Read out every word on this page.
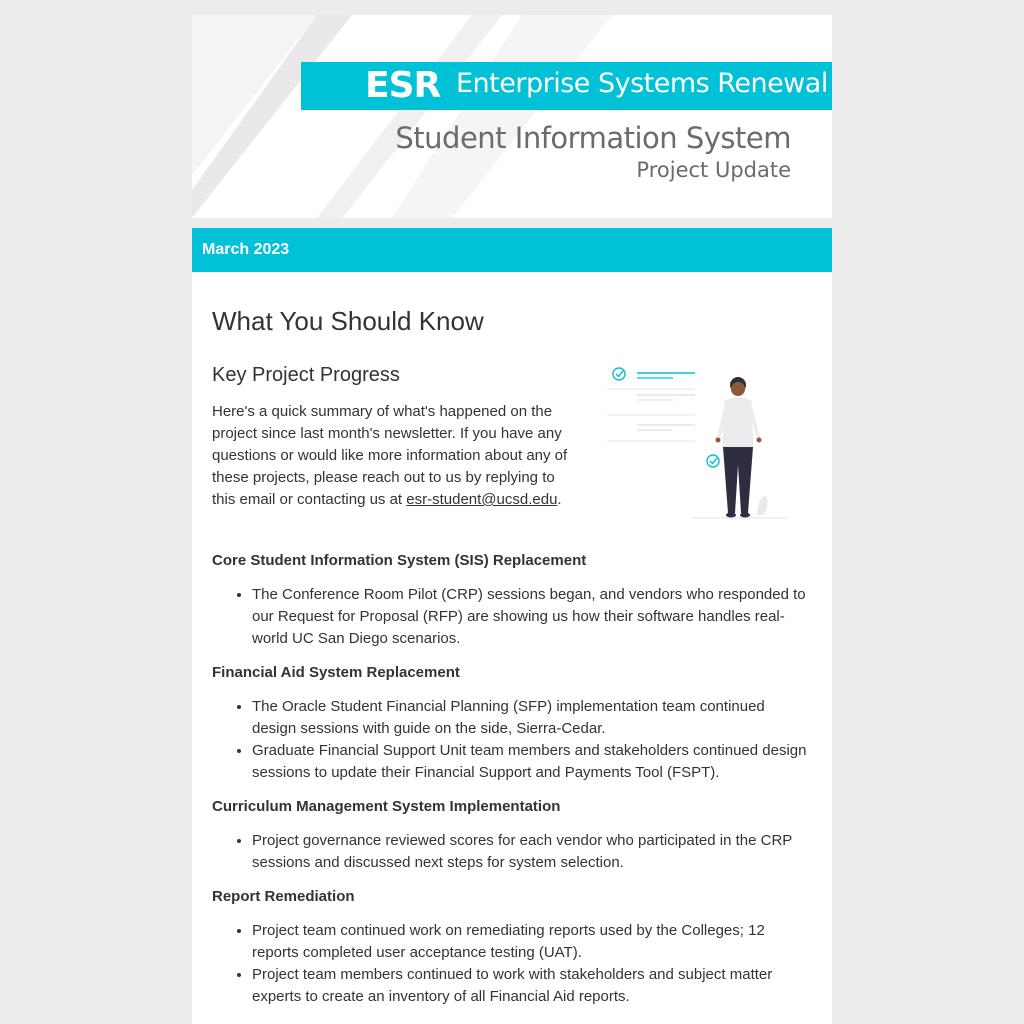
ESR Enterprise Systems Renewal
Student Information System
Project Update
March 2023
What You Should Know
Key Project Progress

Here's a quick summary of what's happened on the project since last month's newsletter. If you have any questions or would like more information about any of these projects, please reach out to us by replying to this email or contacting us at esr-student@ucsd.edu.

Core Student Information System (SIS) Replacement

• The Conference Room Pilot (CRP) sessions began, and vendors who responded to our Request for Proposal (RFP) are showing us how their software handles real-world UC San Diego scenarios.

Financial Aid System Replacement

• The Oracle Student Financial Planning (SFP) implementation team continued design sessions with guide on the side, Sierra-Cedar.
• Graduate Financial Support Unit team members and stakeholders continued design sessions to update their Financial Support and Payments Tool (FSPT).

Curriculum Management System Implementation

• Project governance reviewed scores for each vendor who participated in the CRP sessions and discussed next steps for system selection.

Report Remediation

• Project team continued work on remediating reports used by the Colleges; 12 reports completed user acceptance testing (UAT).
• Project team members continued to work with stakeholders and subject matter experts to create an inventory of all Financial Aid reports.
